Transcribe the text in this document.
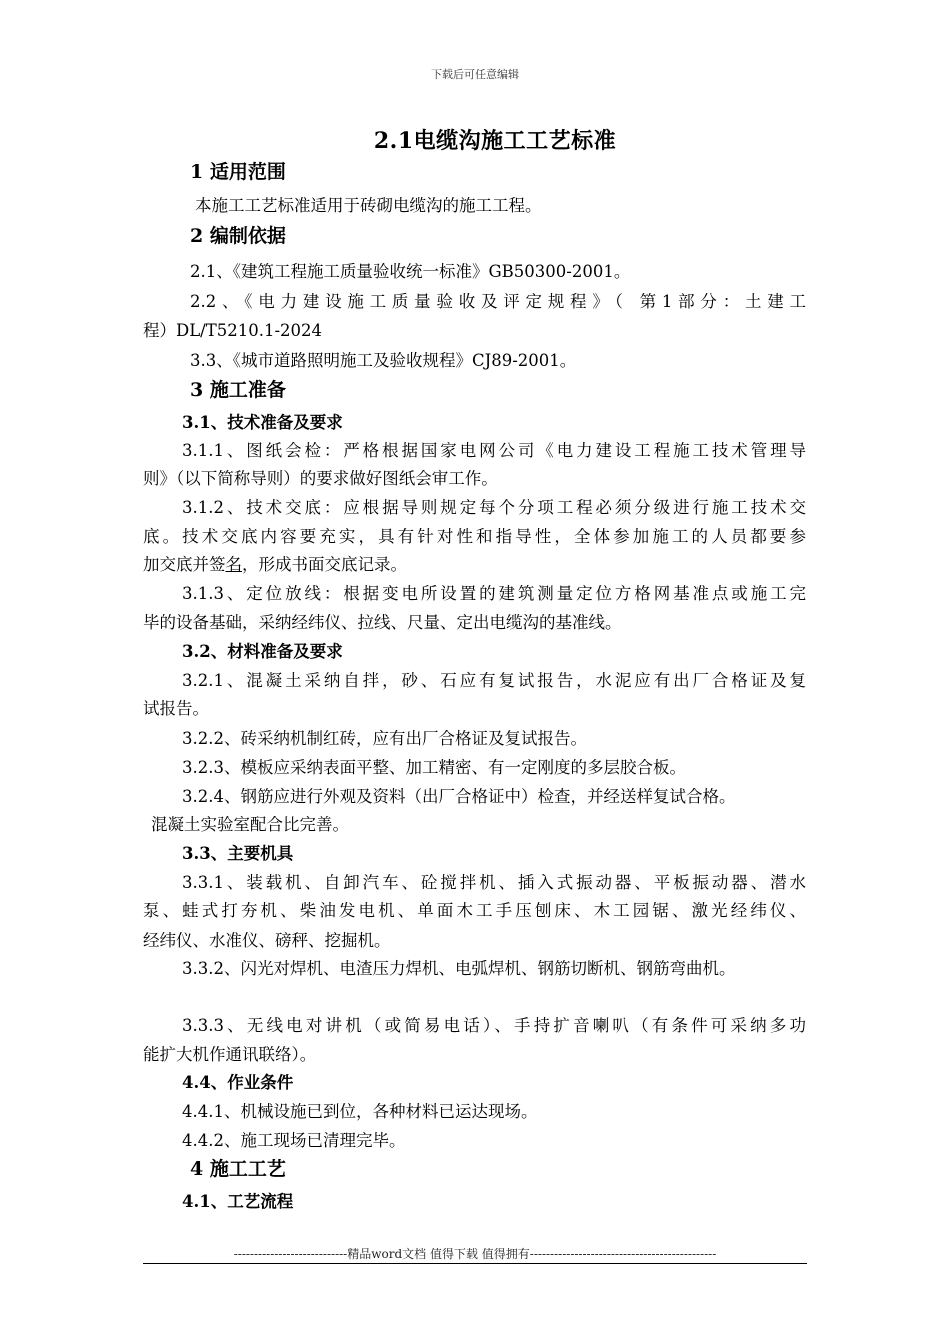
下载后可任意编辑
2.1电缆沟施工工艺标准
1 适用范围
本施工工艺标准适用于砖砌电缆沟的施工工程。
2 编制依据
2.1、《建筑工程施工质量验收统一标准》GB50300-2001。
2.2、《电力建设施工质量验收及评定规程》（ 第1部分：土建工
程）DL/T5210.1-2024
3.3、《城市道路照明施工及验收规程》CJ89-2001。
3 施工准备
3.1、技术准备及要求
3.1.1、图纸会检：严格根据国家电网公司《电力建设工程施工技术管理导
则》（以下简称导则）的要求做好图纸会审工作。
3.1.2、技术交底：应根据导则规定每个分项工程必须分级进行施工技术交
底。技术交底内容要充实，具有针对性和指导性，全体参加施工的人员都要参
加交底并签名，形成书面交底记录。
3.1.3、定位放线：根据变电所设置的建筑测量定位方格网基准点或施工完
毕的设备基础，采纳经纬仪、拉线、尺量、定出电缆沟的基准线。
3.2、材料准备及要求
3.2.1、混凝土采纳自拌，砂、石应有复试报告，水泥应有出厂合格证及复
试报告。
3.2.2、砖采纳机制红砖，应有出厂合格证及复试报告。
3.2.3、模板应采纳表面平整、加工精密、有一定刚度的多层胶合板。
3.2.4、钢筋应进行外观及资料（出厂合格证中）检查，并经送样复试合格。
混凝土实验室配合比完善。
3.3、主要机具
3.3.1、装载机、自卸汽车、砼搅拌机、插入式振动器、平板振动器、潜水
泵、蛙式打夯机、柴油发电机、单面木工手压刨床、木工园锯、激光经纬仪、
经纬仪、水准仪、磅秤、挖掘机。
3.3.2、闪光对焊机、电渣压力焊机、电弧焊机、钢筋切断机、钢筋弯曲机。
3.3.3、无线电对讲机（或简易电话）、手持扩音喇叭（有条件可采纳多功
能扩大机作通讯联络）。
4.4、作业条件
4.4.1、机械设施已到位，各种材料已运达现场。
4.4.2、施工现场已清理完毕。
4 施工工艺
4.1、工艺流程
----------------------------精品word文档 值得下载 值得拥有----------------------------------------------
